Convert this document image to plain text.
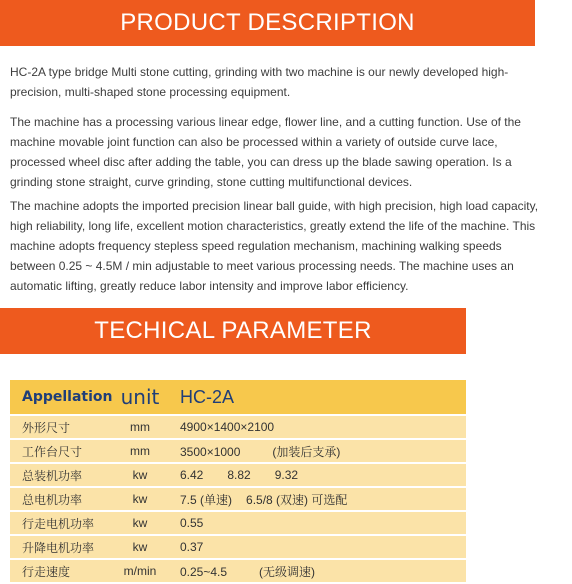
PRODUCT DESCRIPTION

HC-2A type bridge Multi stone cutting, grinding with two machine is our newly developed high-precision, multi-shaped stone processing equipment.

The machine has a processing various linear edge, flower line, and a cutting function. Use of the machine movable joint function can also be processed within a variety of outside curve lace, processed wheel disc after adding the table, you can dress up the blade sawing operation. Is a grinding stone straight, curve grinding, stone cutting multifunctional devices.

The machine adopts the imported precision linear ball guide, with high precision, high load capacity, high reliability, long life, excellent motion characteristics, greatly extend the life of the machine. This machine adopts frequency stepless speed regulation mechanism, machining walking speeds between 0.25 ~ 4.5M / min adjustable to meet various processing needs. The machine uses an automatic lifting, greatly reduce labor intensity and improve labor efficiency.

TECHICAL PARAMETER
Appellation	unit	HC-2A
外形尺寸	mm	4900×1400×2100
工作台尺寸	mm	3500×1000 (加装后支承)
总装机功率	kw	6.42 8.82 9.32
总电机功率	kw	7.5 (单速) 6.5/8 (双速) 可选配
行走电机功率	kw	0.55
升降电机功率	kw	0.37
行走速度	m/min	0.25~4.5 (无级调速)
